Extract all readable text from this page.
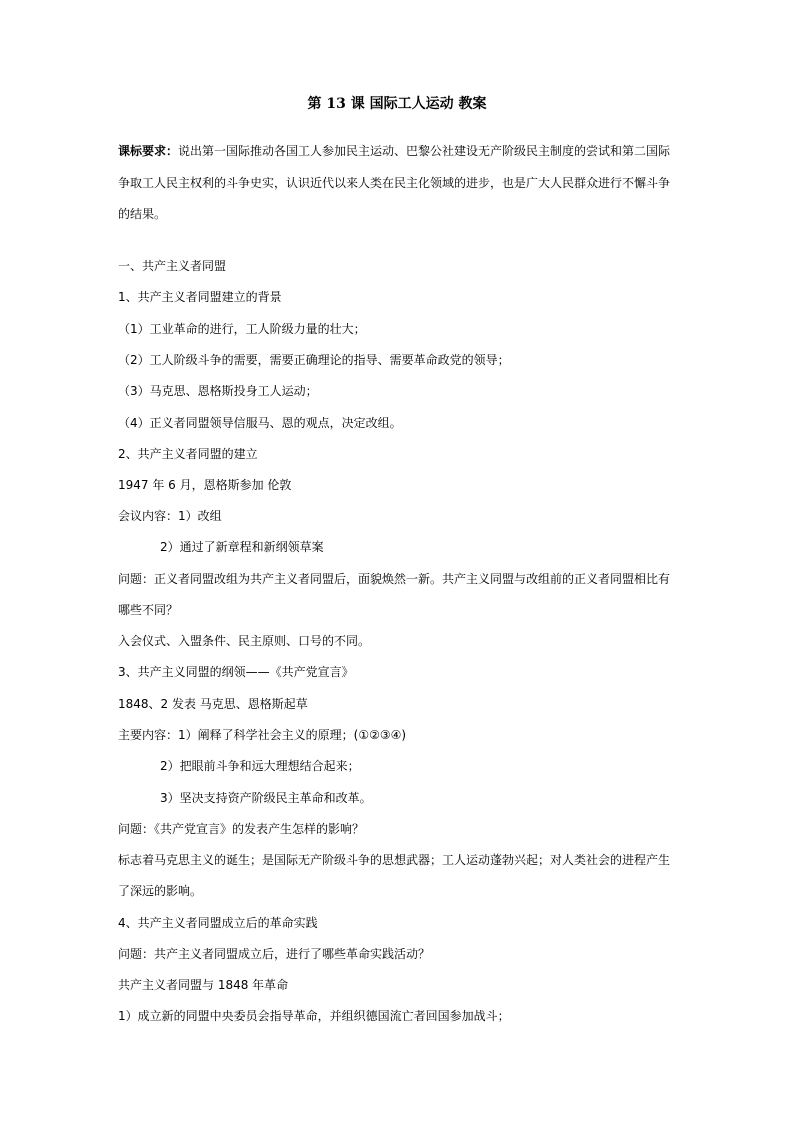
第 13 课 国际工人运动 教案
课标要求：说出第一国际推动各国工人参加民主运动、巴黎公社建设无产阶级民主制度的尝试和第二国际
争取工人民主权利的斗争史实，认识近代以来人类在民主化领域的进步，也是广大人民群众进行不懈斗争
的结果。
一、共产主义者同盟
1、共产主义者同盟建立的背景
（1）工业革命的进行，工人阶级力量的壮大；
（2）工人阶级斗争的需要，需要正确理论的指导、需要革命政党的领导；
（3）马克思、恩格斯投身工人运动；
（4）正义者同盟领导信服马、恩的观点，决定改组。
2、共产主义者同盟的建立
1947 年 6 月，恩格斯参加 伦敦
会议内容：1）改组
2）通过了新章程和新纲领草案
问题：正义者同盟改组为共产主义者同盟后，面貌焕然一新。共产主义同盟与改组前的正义者同盟相比有
哪些不同？
入会仪式、入盟条件、民主原则、口号的不同。
3、共产主义同盟的纲领——《共产党宣言》
1848、2 发表 马克思、恩格斯起草
主要内容：1）阐释了科学社会主义的原理；(①②③④)
2）把眼前斗争和远大理想结合起来；
3）坚决支持资产阶级民主革命和改革。
问题：《共产党宣言》的发表产生怎样的影响？
标志着马克思主义的诞生；是国际无产阶级斗争的思想武器；工人运动蓬勃兴起；对人类社会的进程产生
了深远的影响。
4、共产主义者同盟成立后的革命实践
问题：共产主义者同盟成立后，进行了哪些革命实践活动？
共产主义者同盟与 1848 年革命
1）成立新的同盟中央委员会指导革命，并组织德国流亡者回国参加战斗；
